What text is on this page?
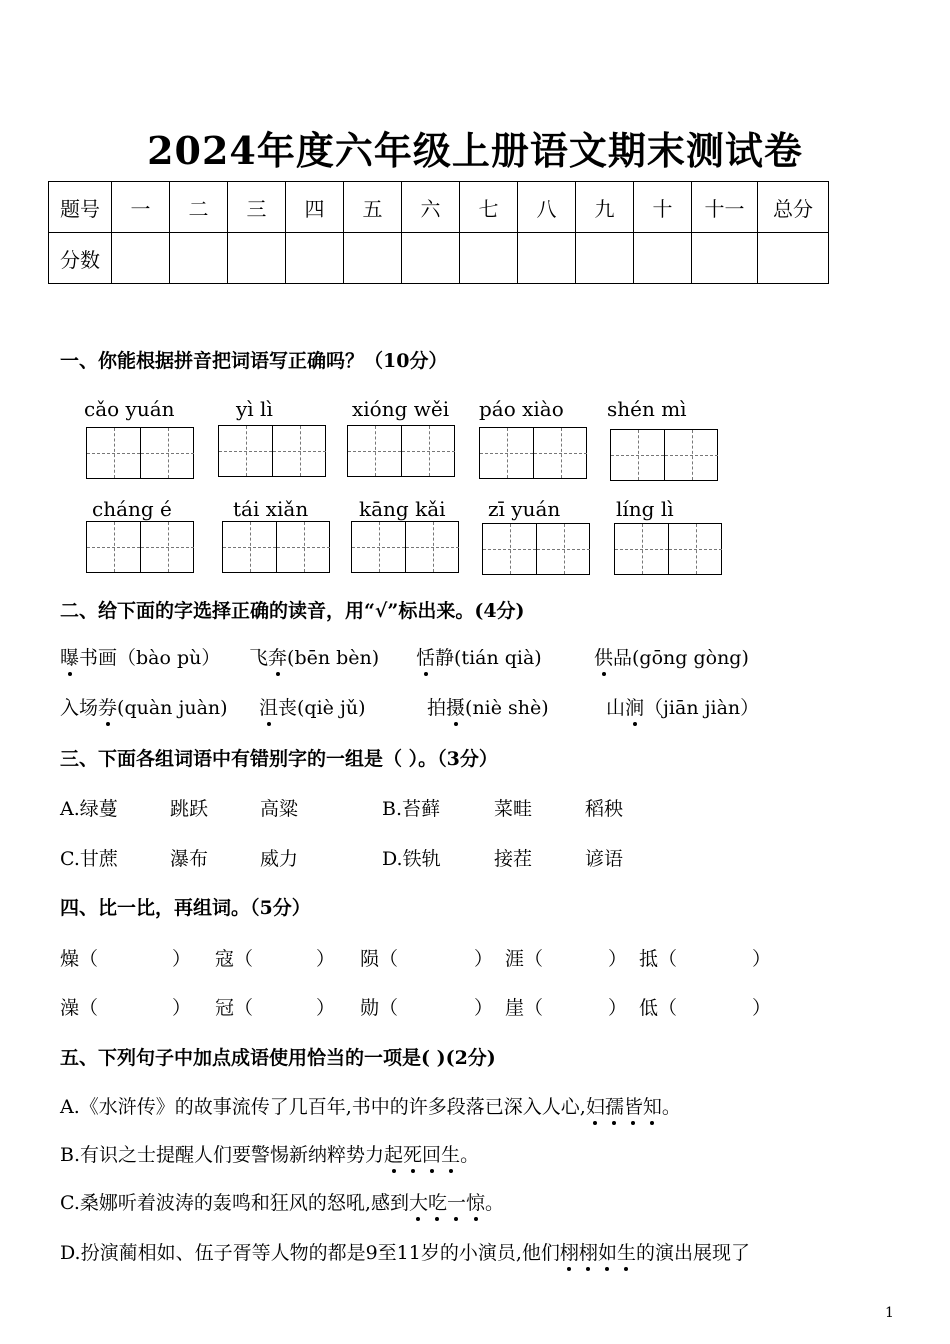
2024年度六年级上册语文期末测试卷
题号	一	二	三	四	五	六	七	八	九	十	十一	总分
分数												
一、你能根据拼音把词语写正确吗？（10分）
cǎo yuán	yì lì	xióng wěi páo xiào shén mì
cháng é	tái xiǎn	kāng kǎi zī yuán	líng lì
二、给下面的字选择正确的读音，用“√”标出来。(4分)
曝书画（bào pù） 飞奔(bēn bèn) 恬静(tián qià)	供品(gōng gòng)
入场券(quàn juàn) 沮丧(qiè jǔ)	拍摄(niè shè)	山涧（jiān jiàn）
三、下面各组词语中有错别字的一组是（ ）。（3分）
A.绿蔓	跳跃	高粱	B.苔藓	菜畦	稻秧
C.甘蔗	瀑布	威力	D.铁轨	接茬	谚语
四、比一比，再组词。（5分）
燥（	） 寇（	） 陨（	） 涯（	） 抵（	）
澡（	） 冠（	） 勋（	） 崖（	） 低（	）
五、下列句子中加点成语使用恰当的一项是( )(2分)
A.《水浒传》的故事流传了几百年,书中的许多段落已深入人心,妇孺皆知。
B.有识之士提醒人们要警惕新纳粹势力起死回生。
C.桑娜听着波涛的轰鸣和狂风的怒吼,感到大吃一惊。
D.扮演蔺相如、伍子胥等人物的都是9至11岁的小演员,他们栩栩如生的演出展现了
1
